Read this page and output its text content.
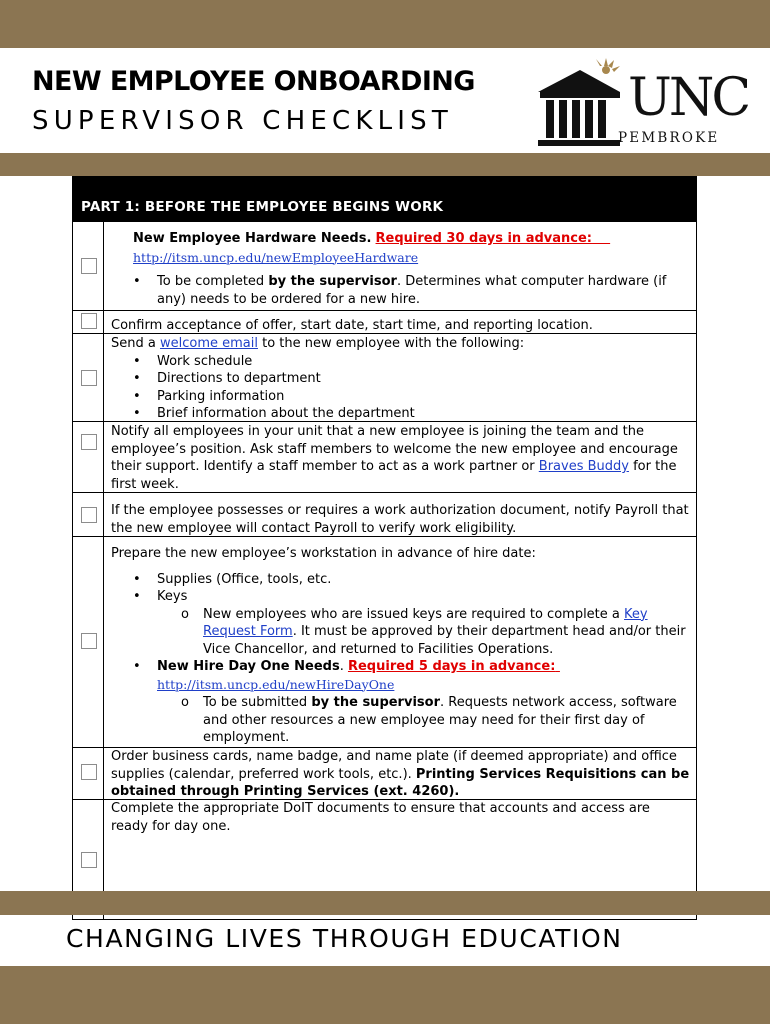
NEW EMPLOYEE ONBOARDING
SUPERVISOR CHECKLIST	UNC
PEMBROKE
PART 1: BEFORE THE EMPLOYEE BEGINS WORK
New Employee Hardware Needs. Required 30 days in advance:
http://itsm.uncp.edu/newEmployeeHardware
• To be completed by the supervisor. Determines what computer hardware (if any) needs to be ordered for a new hire.
Confirm acceptance of offer, start date, start time, and reporting location.
Send a welcome email to the new employee with the following:
• Work schedule
• Directions to department
• Parking information
• Brief information about the department
Notify all employees in your unit that a new employee is joining the team and the employee’s position. Ask staff members to welcome the new employee and encourage their support. Identify a staff member to act as a work partner or Braves Buddy for the first week.
If the employee possesses or requires a work authorization document, notify Payroll that the new employee will contact Payroll to verify work eligibility.
Prepare the new employee’s workstation in advance of hire date:
• Supplies (Office, tools, etc.
• Keys
o New employees who are issued keys are required to complete a Key Request Form. It must be approved by their department head and/or their Vice Chancellor, and returned to Facilities Operations.
• New Hire Day One Needs. Required 5 days in advance:
http://itsm.uncp.edu/newHireDayOne
o To be submitted by the supervisor. Requests network access, software and other resources a new employee may need for their first day of employment.
Order business cards, name badge, and name plate (if deemed appropriate) and office supplies (calendar, preferred work tools, etc.). Printing Services Requisitions can be obtained through Printing Services (ext. 4260).
Complete the appropriate DoIT documents to ensure that accounts and access are ready for day one.
CHANGING LIVES THROUGH EDUCATION
